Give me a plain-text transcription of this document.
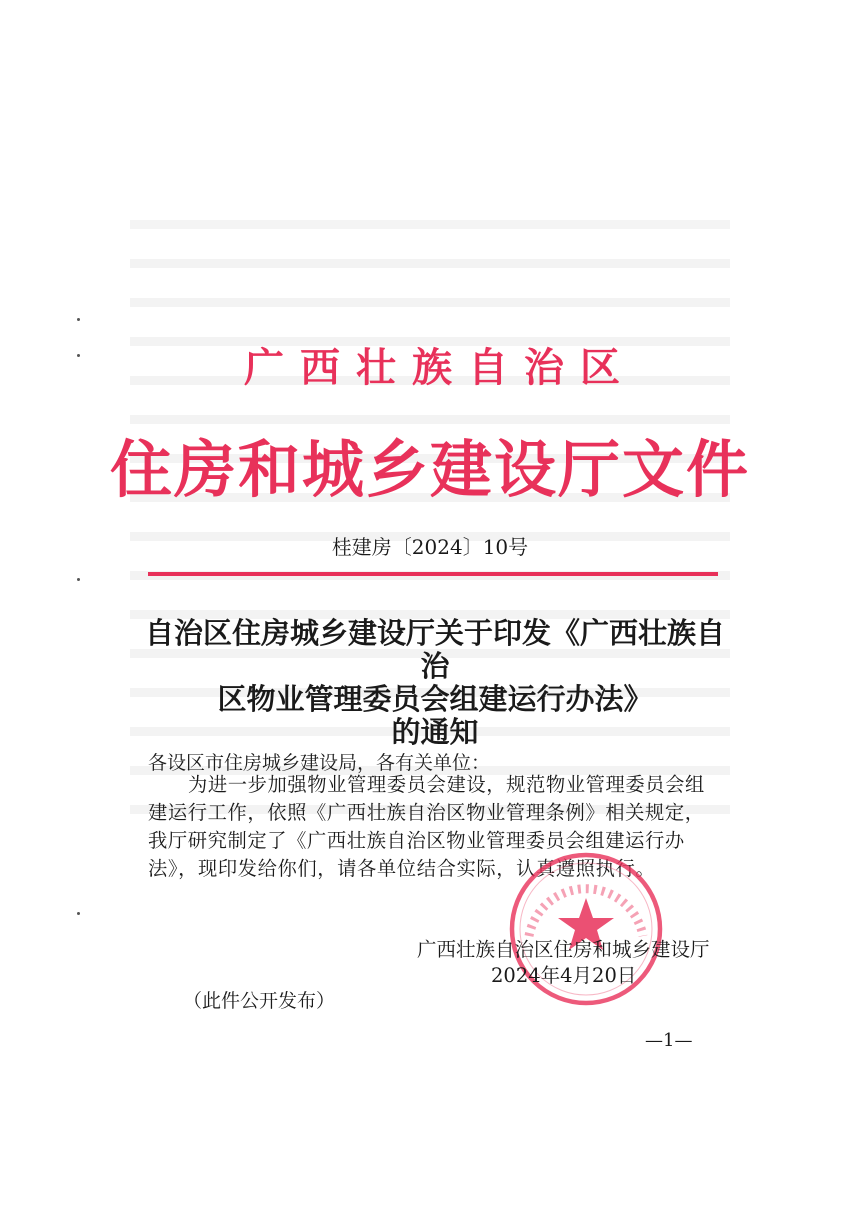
广西壮族自治区
住房和城乡建设厅文件
桂建房〔2024〕10号
自治区住房城乡建设厅关于印发《广西壮族自治
区物业管理委员会组建运行办法》
的通知
各设区市住房城乡建设局，各有关单位：

为进一步加强物业管理委员会建设，规范物业管理委员会组

建运行工作，依照《广西壮族自治区物业管理条例》相关规定，

我厅研究制定了《广西壮族自治区物业管理委员会组建运行办

法》，现印发给你们，请各单位结合实际，认真遵照执行。

广西壮族自治区住房和城乡建设厅
2024年4月20日
（此件公开发布）
—1—
